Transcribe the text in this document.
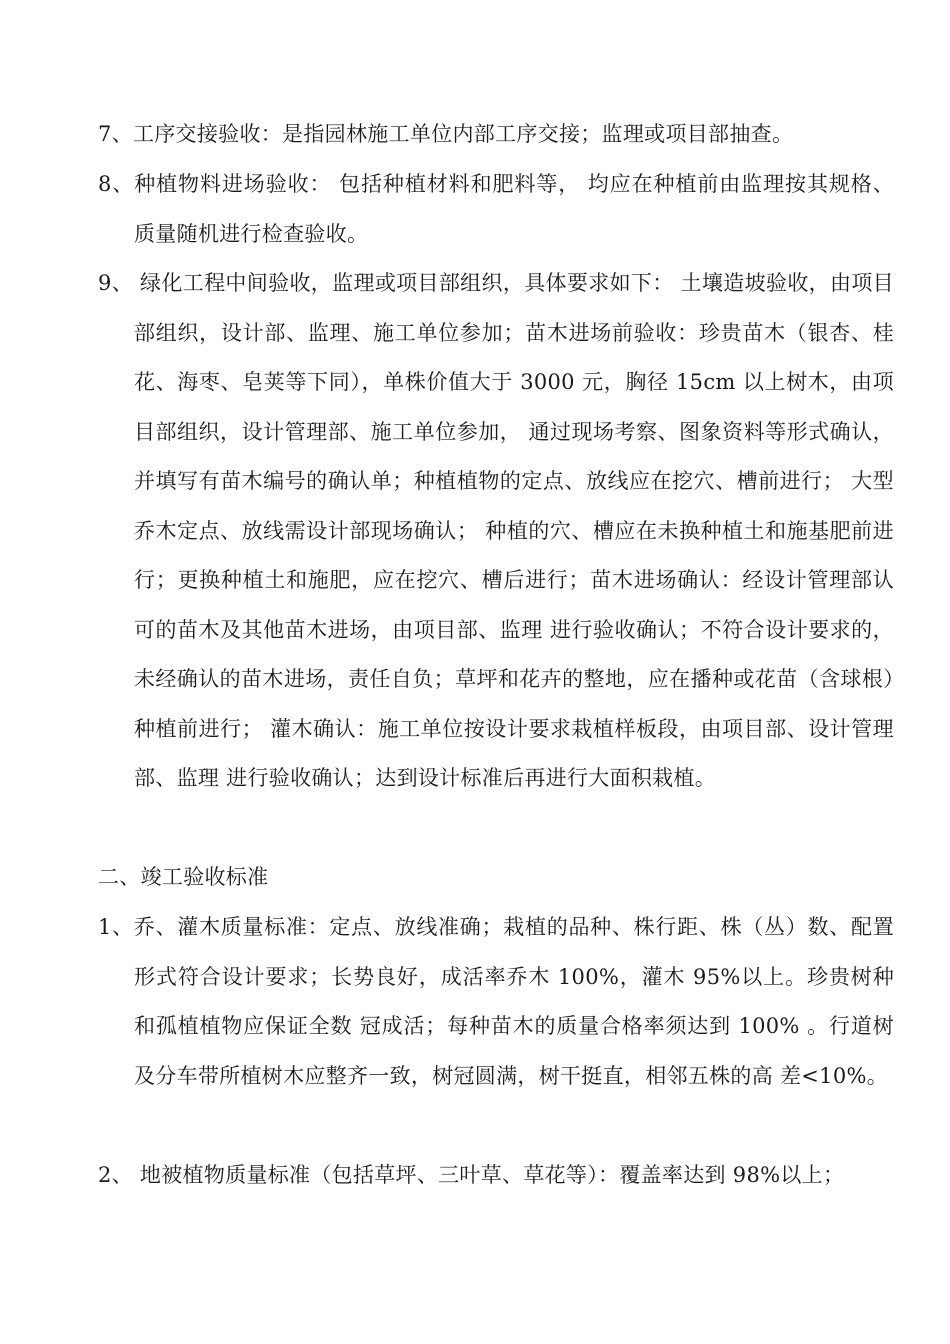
7、工序交接验收：是指园林施工单位内部工序交接；监理或项目部抽查。
8、种植物料进场验收： 包括种植材料和肥料等， 均应在种植前由监理按其规格、 质量随机进行检查验收。
9、 绿化工程中间验收，监理或项目部组织，具体要求如下： 土壤造坡验收，由项目部组织，设计部、监理、施工单位参加；苗木进场前验收：珍贵苗木（银杏、桂花、海枣、皂荚等下同），单株价值大于 3000 元，胸径 15cm 以上树木，由项目部组织，设计管理部、施工单位参加， 通过现场考察、图象资料等形式确认，并填写有苗木编号的确认单；种植植物的定点、放线应在挖穴、槽前进行； 大型乔木定点、放线需设计部现场确认； 种植的穴、槽应在未换种植土和施基肥前进行；更换种植土和施肥，应在挖穴、槽后进行；苗木进场确认：经设计管理部认可的苗木及其他苗木进场，由项目部、监理 进行验收确认；不符合设计要求的，未经确认的苗木进场，责任自负；草坪和花卉的整地，应在播种或花苗（含球根）种植前进行； 灌木确认：施工单位按设计要求栽植样板段，由项目部、设计管理部、监理 进行验收确认；达到设计标准后再进行大面积栽植。
二、竣工验收标准
1、乔、灌木质量标准：定点、放线准确；栽植的品种、株行距、株（丛）数、配置形式符合设计要求；长势良好，成活率乔木 100%，灌木 95%以上。珍贵树种和孤植植物应保证全数 冠成活；每种苗木的质量合格率须达到 100% 。行道树及分车带所植树木应整齐一致，树冠圆满，树干挺直，相邻五株的高 差<10%。
2、 地被植物质量标准（包括草坪、三叶草、草花等）：覆盖率达到 98%以上；
